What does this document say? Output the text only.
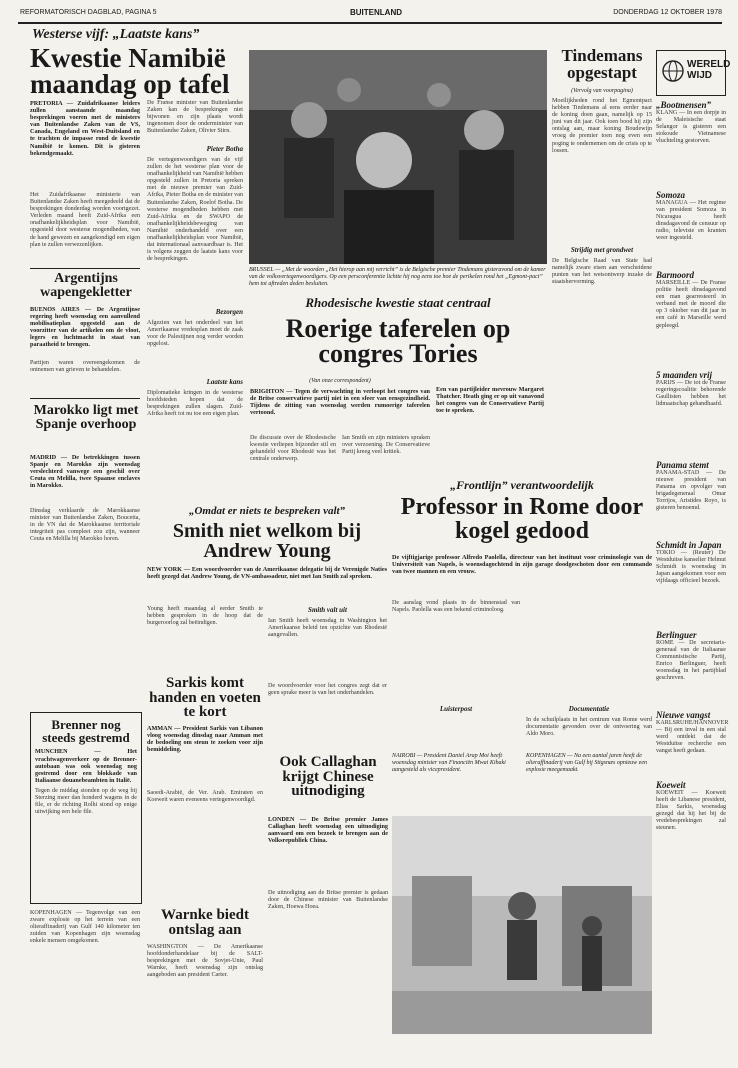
REFORMATORISCH DAGBLAD, PAGINA 5	BUITENLAND	DONDERDAG 12 OKTOBER 1978
Westerse vijf: „Laatste kans”
Kwestie Namibië maandag op tafel
PRETORIA — Zuidafrikaanse leiders zullen aanstaande maandag besprekingen voeren met de ministers van Buitenlandse Zaken van de VS, Canada, Engeland en West-Duitsland en te trachten de impasse rond de kwestie Namibië te komen. Dit is gisteren bekendgemaakt.
Het Zuidafrikaanse ministerie van Buitenlandse Zaken heeft meegedeeld dat de besprekingen donderdag worden voortgezet. Verleden maand heeft Zuid-Afrika een onafhankelijkheidsplan voor Namibië, opgesteld door westerse mogendheden, van de hand gewezen en aangekondigd een eigen plan te zullen verwezenlijken.
De Franse minister van Buitenlandse Zaken kan de besprekingen niet bijwonen en zijn plaats wordt ingenomen door de onderminister van Buitenlandse Zaken, Olivier Stirn.
Pieter Botha
De vertegenwoordigers van de vijf zullen de het westerse plan voor de onafhankelijkheid van Namibië hebben opgesteld zullen in Pretoria spreken met de nieuwe premier van Zuid-Afrika, Pieter Botha en de minister van Buitenlandse Zaken, Roelof Botha. De westerse mogendheden hebben met Zuid-Afrika en de SWAPO de onafhankelijkheidsbeweging van Namibië onderhandeld over een onafhankelijkheidsplan voor Namibië, dat internationaal aanvaardbaar is. Het is volgens zeggen de laatste kans voor de besprekingen.
Argentijns wapengekletter
BUENOS AIRES — De Argentijnse regering heeft woensdag een aanvullend mobilisatieplan opgesteld aan de voorzitter van de artikelen om de vloot, legers en luchtmacht in staat van paraatheid te brengen.
Partijen waren overeengekomen de ontnemen van grieven te behandelen.
Marokko ligt met Spanje overhoop
MADRID — De betrekkingen tussen Spanje en Marokko zijn woensdag verslechterd vanwege een geschil over Ceuta en Melilla, twee Spaanse enclaves in Marokko.
Dinsdag verklaarde de Marokkaanse minister van Buitenlandse Zaken, Boucetta, in de VN dat de Marokkaanse territoriale integriteit pas compleet zou zijn, wanneer Ceuta en Melilla bij Marokko horen.
Brenner nog steeds gestremd
MUNCHEN — Het vrachtwagenverkeer op de Brenner-autobaan was ook woensdag nog gestremd door een blokkade van Italiaanse douanebeambten in Italië.
Tegen de middag stonden op de weg bij Sterzing meer dan honderd wagens in de file, er de richting Rolhi stond op enige uitwijking een hele file.
KOPENHAGEN — Tegenvolge van een zware explosie op het terrein van een olieraffinaderij van Gulf 140 kilometer ten zuiden van Kopenhagen zijn woensdag enkele mensen omgekomen.
BRUSSEL — „Met de woorden „Het hierop aan mij verricht” is de Belgische premier Tindemans gisteravond om de kamer van de volksvertegenwoordigers. Op een persconferentie lichtte hij nog eens toe hoe de perikelen rond het „Egmont-pact” hem tot aftreden deden besluiten.
Tindemans opgestapt
(Vervolg van voorpagina)
Moeilijkheden rond het Egmontpact hebben Tindemans al eens eerder naar de koning doen gaan, namelijk op 15 juni van dit jaar. Ook toen bood hij zijn ontslag aan, maar koning Boudewijn vroeg de premier toen nog even een poging te ondernemen om de crisis op te lossen.
Strijdig met grondwet
De Belgische Raad van State had namelijk zware eisen aan verscheidene punten van het wetsontwerp inzake de staatshervorming.
WERELD WIJD
„Bootmensen”
KLANG — In een dorpje in de Maleisische staat Selangor is gisteren een stokoude Vietnamese vluchteling gestorven.
Somoza
MANAGUA — Het regime van president Somoza in Nicaragua heeft dinsdagavond de censuur op radio, televisie en kranten weer ingesteld.
Barmoord
MARSEILLE — De Franse politie heeft dinsdagavond een man gearresteerd in verband met de moord die op 3 oktober van dit jaar in een café in Marseille werd gepleegd.
5 maanden vrij
PARIJS — De tot de Franse regeringscoalitie behorende Gaullisten hebben het lidmaatschap gehandhaafd.
Panama stemt
PANAMA-STAD — De nieuwe president van Panama en opvolger van brigadegeneraal Omar Torrijos, Aristides Royo, is gisteren benoemd.
Schmidt in Japan
TOKIO — (Reuter) De Westduitse kanselier Helmut Schmidt is woensdag in Japan aangekomen voor een vijfdaags officieel bezoek.
Berlinguer
ROME — De secretaris-generaal van de Italiaanse Communistische Partij, Enrico Berlinguer, heeft woensdag in het partijblad geschreven.
Nieuwe vangst
KARLSRUHE/HANNOVER — Bij een inval in een stal werd ontdekt dat de Westduitse recherche een vangst heeft gedaan.
Koeweit
KOEWEIT — Koeweit heeft de Libanese president, Elias Sarkis, woensdag gezegd dat hij het bij de vredebesprekingen zal steunen.
Bezorgen
Afgezien van het onderdeel van het Amerikaanse vredesplan moet de zaak voor de Palestijnen nog verder worden opgelost.
Laatste kans
Diplomatieke kringen in de westerse hoofdsteden hopen dat de besprekingen zullen slagen. Zuid-Afrika heeft tot nu toe een eigen plan.
Rhodesische kwestie staat centraal
Roerige taferelen op congres Tories
(Van onze correspondent)
BRIGHTON — Tegen de verwachting in verloopt het congres van de Britse conservatieve partij niet in een sfeer van eensgezindheid. Tijdens de zitting van woensdag werden rumoerige taferelen vertoond.
De discussie over de Rhodesische kwestie verliepen bijzonder stil en gehandeld voor Rhodesië was het centrale onderwerp.
Ian Smith en zijn ministers spraken over verzoening. De Conservatieve Partij kreeg veel kritiek.
Een van partijleider mevrouw Margaret Thatcher. Heath ging er op uit vanavond het congres van de Conservatieve Partij toe te spreken.
„Frontlijn” verantwoordelijk
Professor in Rome door kogel gedood
De vijftigjarige professor Alfredo Paolella, directeur van het instituut voor criminologie van de Universiteit van Napels, is woensdagochtend in zijn garage doodgeschoten door een commando van twee mannen en een vrouw.
De aanslag vond plaats in de binnenstad van Napels. Paolella was een bekend criminoloog.
Luisterpost	Documentatie
In de schuilplaats in het centrum van Rome werd documentatie gevonden over de ontvoering van Aldo Moro.
„Omdat er niets te bespreken valt”
Smith niet welkom bij Andrew Young
NEW YORK — Een woordvoerder van de Amerikaanse delegatie bij de Verenigde Naties heeft gezegd dat Andrew Young, de VN-ambassadeur, niet met Ian Smith zal spreken.
Young heeft maandag al eerder Smith te hebben gesproken in de hoop dat de burgeroorlog zal beëindigen.
Smith valt uit
Ian Smith heeft woensdag in Washington het Amerikaanse beleid ten opzichte van Rhodesië aangevallen.
De woordvoerder voor het congres zegt dat er geen sprake meer is van het onderhandelen.
Sarkis komt handen en voeten te kort
AMMAN — President Sarkis van Libanon vloog woensdag dinsdag naar Amman met de bedoeling om steun te zoeken voor zijn bemiddeling.
Saoedi-Arabië, de Ver. Arab. Emiraten en Koeweit waren eveneens vertegenwoordigd.
Warnke biedt ontslag aan
WASHINGTON — De Amerikaanse hoofdonderhandelaar bij de SALT-besprekingen met de Sovjet-Unie, Paul Warnke, heeft woensdag zijn ontslag aangeboden aan president Carter.
Ook Callaghan krijgt Chinese uitnodiging
LONDEN — De Britse premier James Callaghan heeft woensdag een uitnodiging aanvaard om een bezoek te brengen aan de Volksrepubliek China.
De uitnodiging aan de Britse premier is gedaan door de Chinese minister van Buitenlandse Zaken, Hoewa Hoea.
NAIROBI — President Daniel Arap Moi heeft woensdag minister van Financiën Mwai Kibaki aangesteld als vicepresident.
KOPENHAGEN — Na een aantal jaren heeft de olieraffinaderij van Gulf bij Stigsnæs opnieuw een explosie meegemaakt.
